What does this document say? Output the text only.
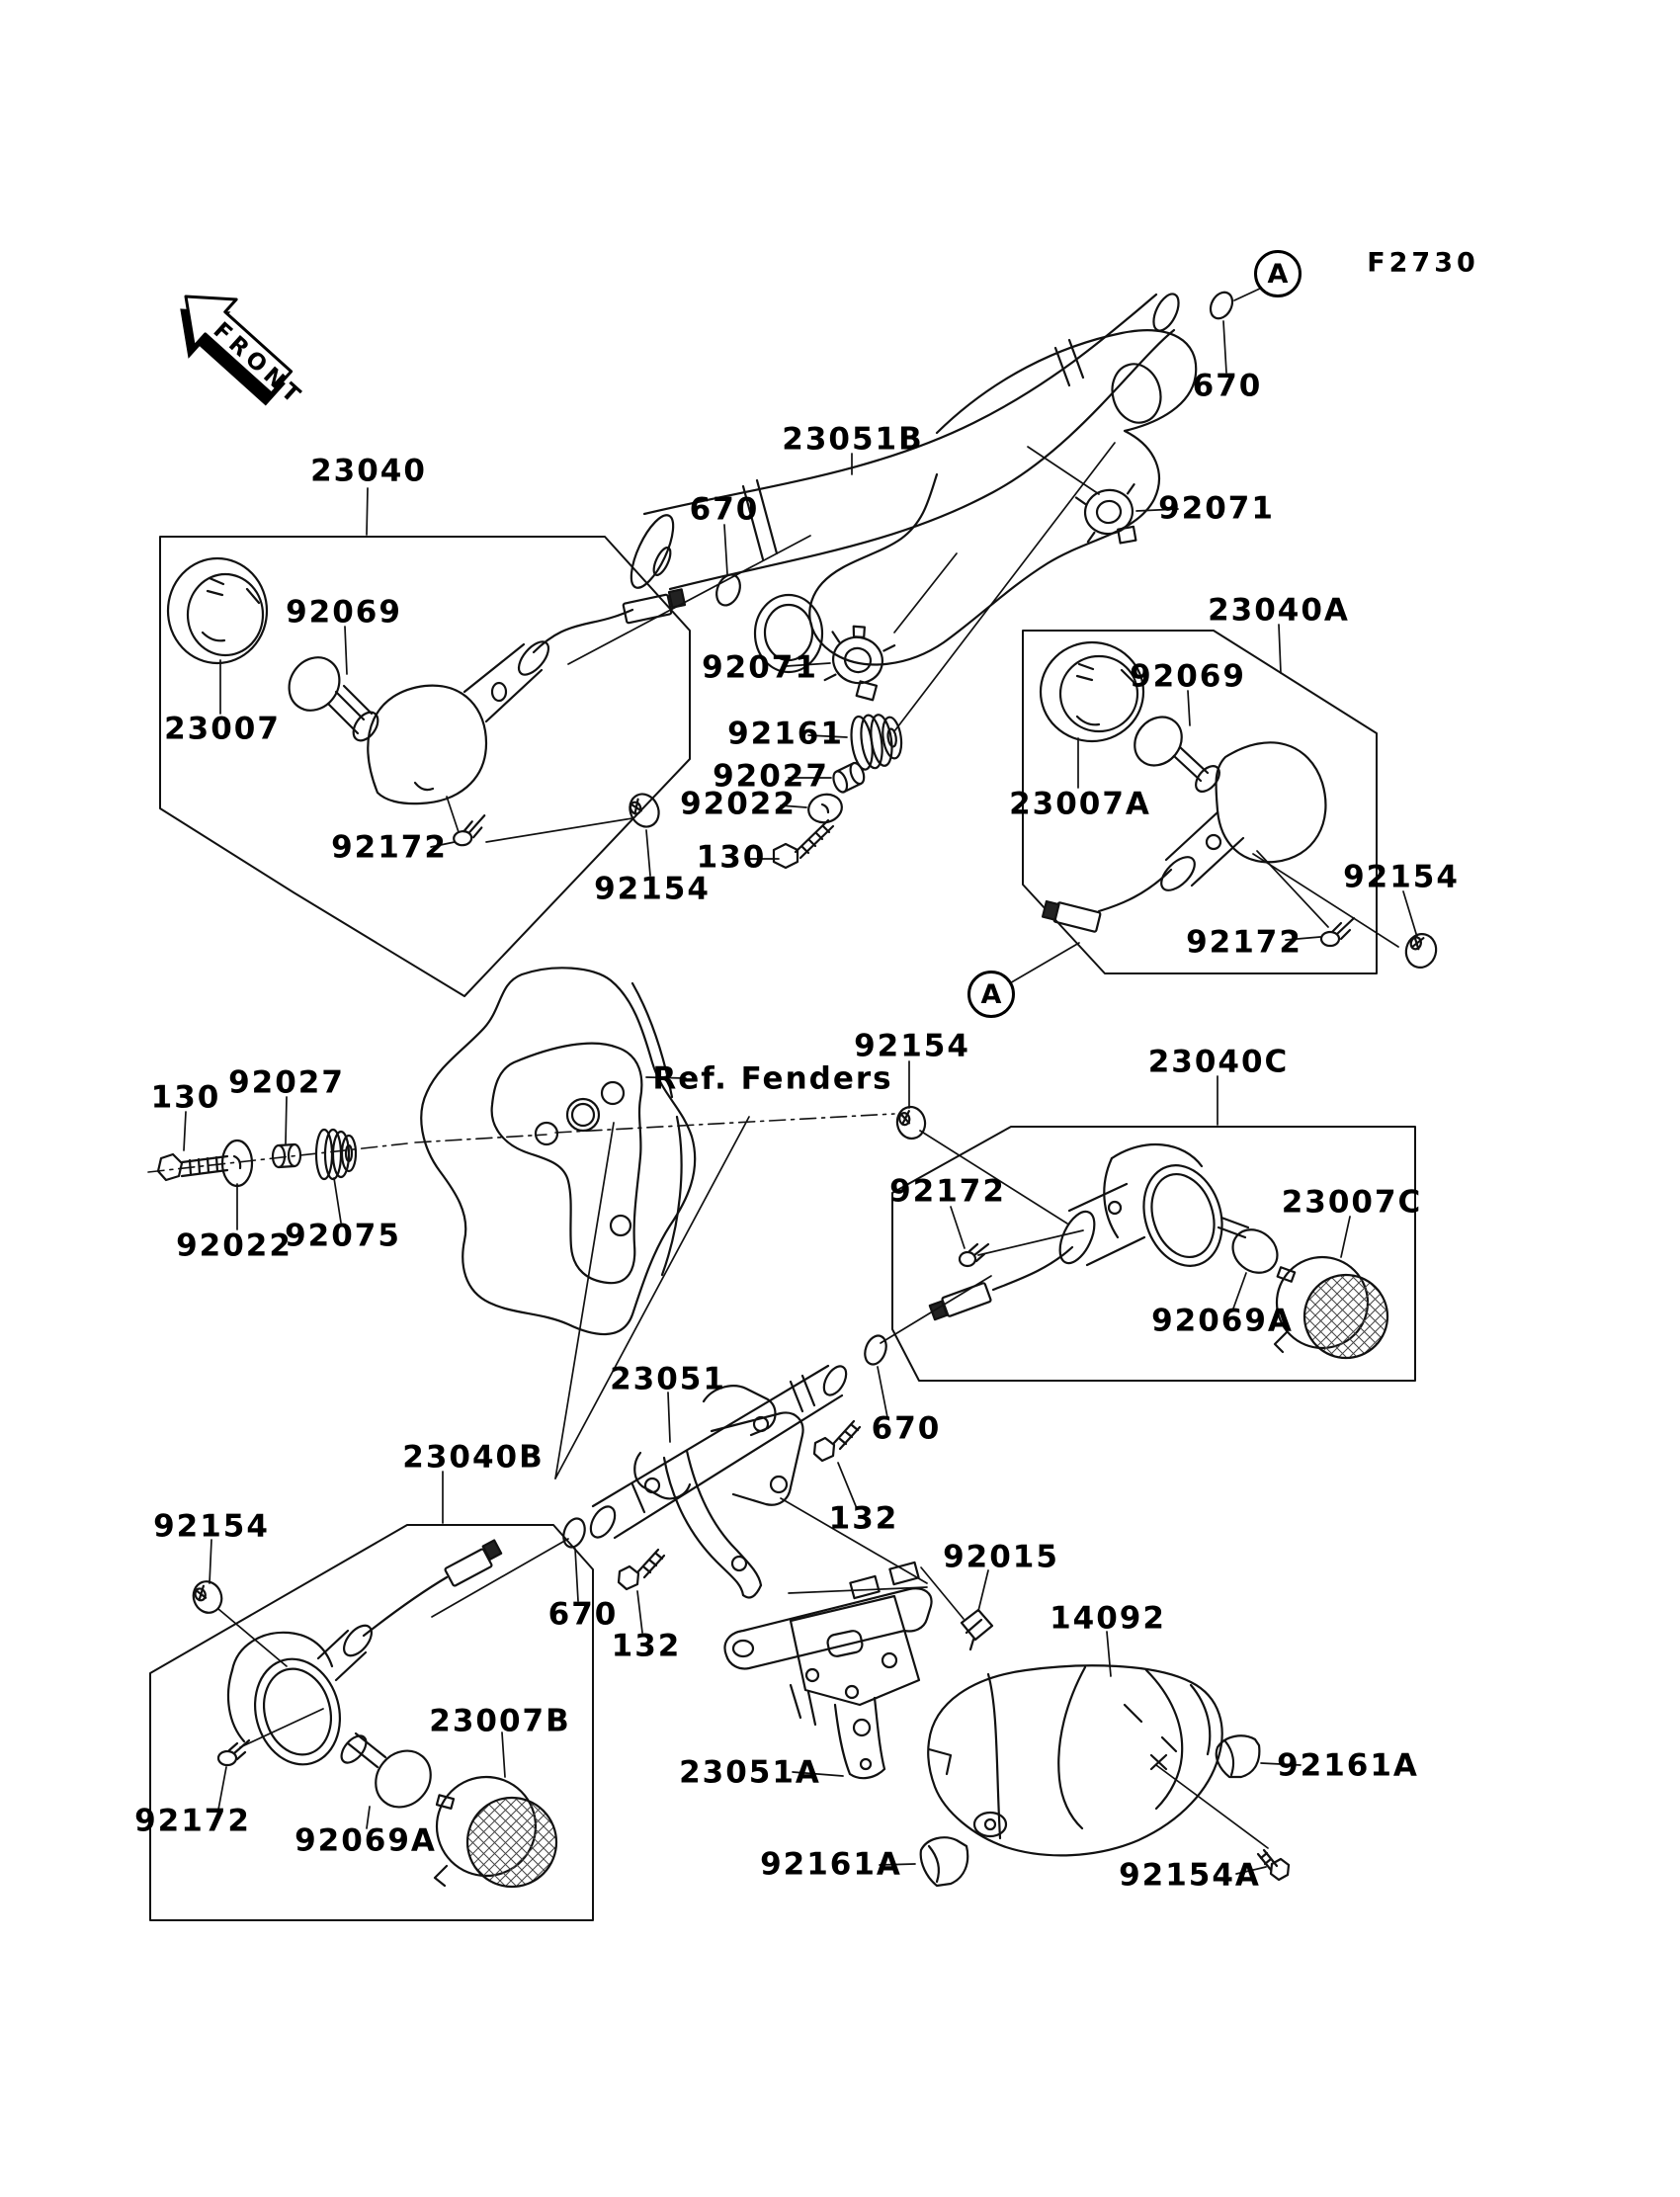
FRONT
F2730
A
A
23040
23051B
670
670	92071
92071
92069
23007	92161
92027
92022
130
92154
92172
23040A
92069
23007A
92154
92172
130 92027
92022
92075
Ref. Fenders
92154	23040C
92172	23007C
92069A
23051
670
132
23040B
92154
670
132
92015
14092
23007B
92172
92069A
23051A
92161A
92161A
92154A
